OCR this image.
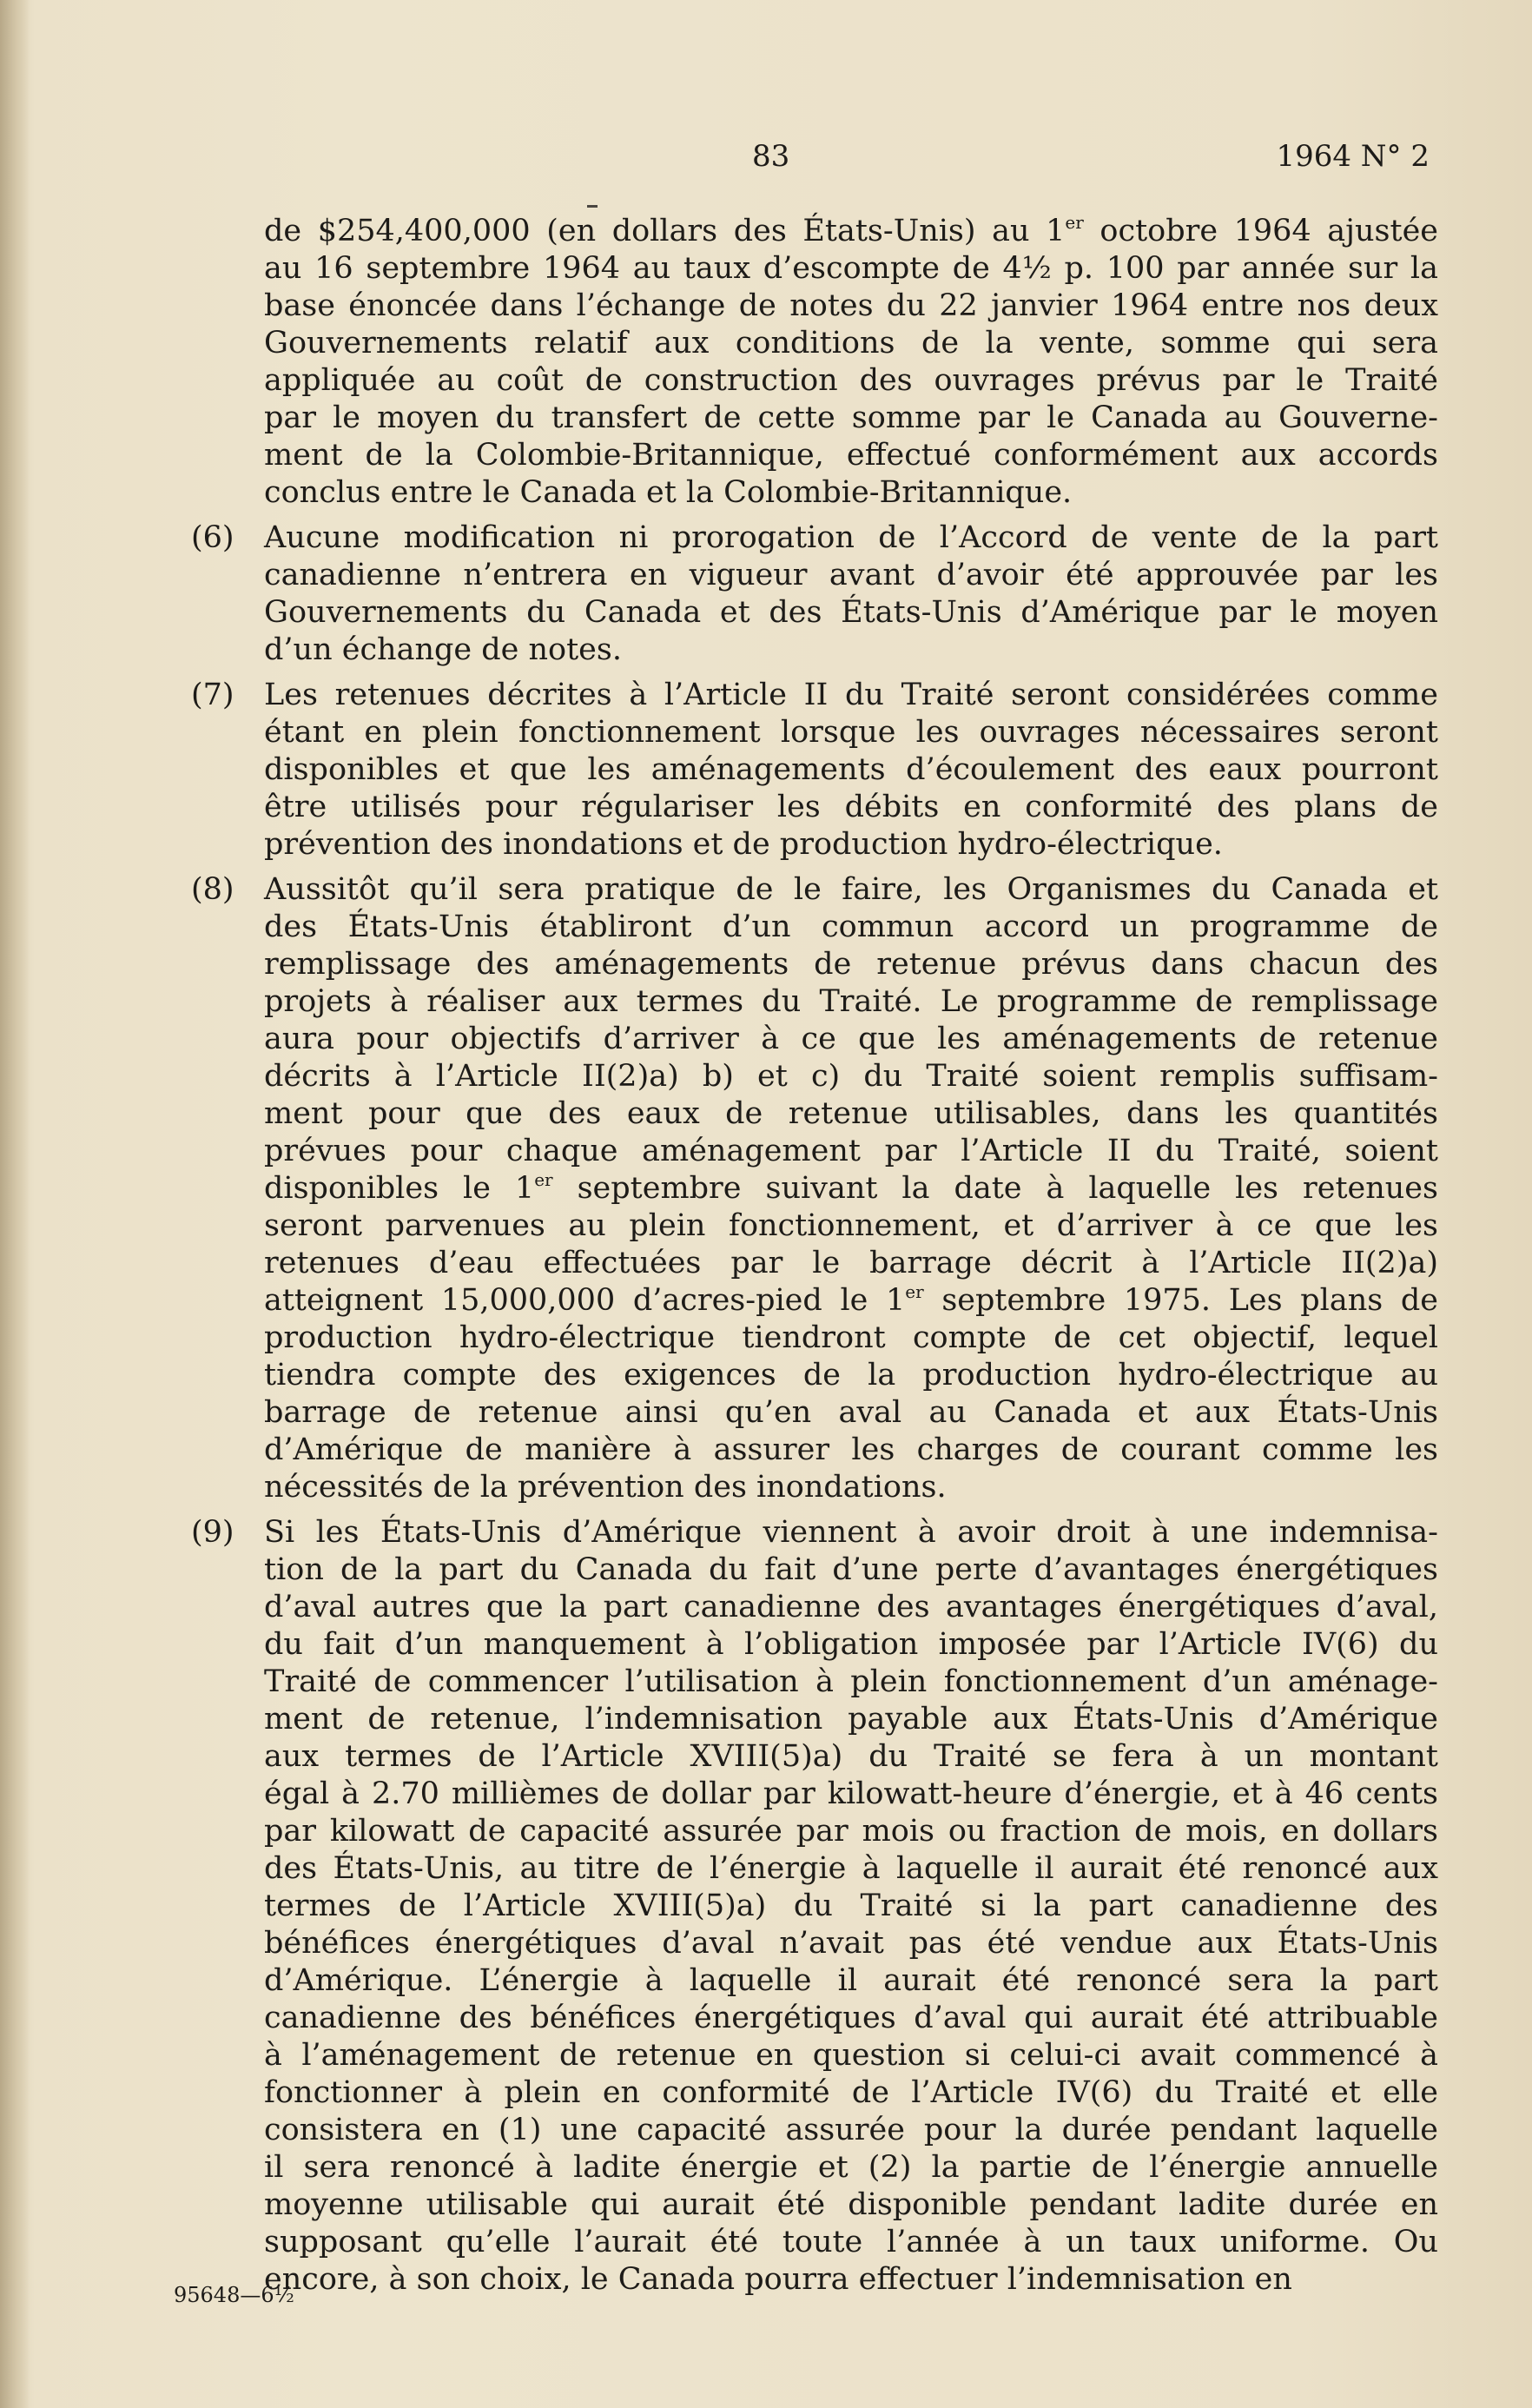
83	1964 N° 2
de $254,400,000 (en dollars des États-Unis) au 1er octobre 1964 ajustée
au 16 septembre 1964 au taux d’escompte de 4½ p. 100 par année sur la
base énoncée dans l’échange de notes du 22 janvier 1964 entre nos deux
Gouvernements relatif aux conditions de la vente, somme qui sera
appliquée au coût de construction des ouvrages prévus par le Traité
par le moyen du transfert de cette somme par le Canada au Gouverne-
ment de la Colombie-Britannique, effectué conformément aux accords
conclus entre le Canada et la Colombie-Britannique.
(6) Aucune modification ni prorogation de l’Accord de vente de la part
canadienne n’entrera en vigueur avant d’avoir été approuvée par les
Gouvernements du Canada et des États-Unis d’Amérique par le moyen
d’un échange de notes.
(7) Les retenues décrites à l’Article II du Traité seront considérées comme
étant en plein fonctionnement lorsque les ouvrages nécessaires seront
disponibles et que les aménagements d’écoulement des eaux pourront
être utilisés pour régulariser les débits en conformité des plans de
prévention des inondations et de production hydro-électrique.
(8) Aussitôt qu’il sera pratique de le faire, les Organismes du Canada et
des États-Unis établiront d’un commun accord un programme de
remplissage des aménagements de retenue prévus dans chacun des
projets à réaliser aux termes du Traité. Le programme de remplissage
aura pour objectifs d’arriver à ce que les aménagements de retenue
décrits à l’Article II(2)a) b) et c) du Traité soient remplis suffisam-
ment pour que des eaux de retenue utilisables, dans les quantités
prévues pour chaque aménagement par l’Article II du Traité, soient
disponibles le 1er septembre suivant la date à laquelle les retenues
seront parvenues au plein fonctionnement, et d’arriver à ce que les
retenues d’eau effectuées par le barrage décrit à l’Article II(2)a)
atteignent 15,000,000 d’acres-pied le 1er septembre 1975. Les plans de
production hydro-électrique tiendront compte de cet objectif, lequel
tiendra compte des exigences de la production hydro-électrique au
barrage de retenue ainsi qu’en aval au Canada et aux États-Unis
d’Amérique de manière à assurer les charges de courant comme les
nécessités de la prévention des inondations.
(9) Si les États-Unis d’Amérique viennent à avoir droit à une indemnisa-
tion de la part du Canada du fait d’une perte d’avantages énergétiques
d’aval autres que la part canadienne des avantages énergétiques d’aval,
du fait d’un manquement à l’obligation imposée par l’Article IV(6) du
Traité de commencer l’utilisation à plein fonctionnement d’un aménage-
ment de retenue, l’indemnisation payable aux États-Unis d’Amérique
aux termes de l’Article XVIII(5)a) du Traité se fera à un montant
égal à 2.70 millièmes de dollar par kilowatt-heure d’énergie, et à 46 cents
par kilowatt de capacité assurée par mois ou fraction de mois, en dollars
des États-Unis, au titre de l’énergie à laquelle il aurait été renoncé aux
termes de l’Article XVIII(5)a) du Traité si la part canadienne des
bénéfices énergétiques d’aval n’avait pas été vendue aux États-Unis
d’Amérique. L’énergie à laquelle il aurait été renoncé sera la part
canadienne des bénéfices énergétiques d’aval qui aurait été attribuable
à l’aménagement de retenue en question si celui-ci avait commencé à
fonctionner à plein en conformité de l’Article IV(6) du Traité et elle
consistera en (1) une capacité assurée pour la durée pendant laquelle
il sera renoncé à ladite énergie et (2) la partie de l’énergie annuelle
moyenne utilisable qui aurait été disponible pendant ladite durée en
supposant qu’elle l’aurait été toute l’année à un taux uniforme. Ou
encore, à son choix, le Canada pourra effectuer l’indemnisation en
95648—6½
